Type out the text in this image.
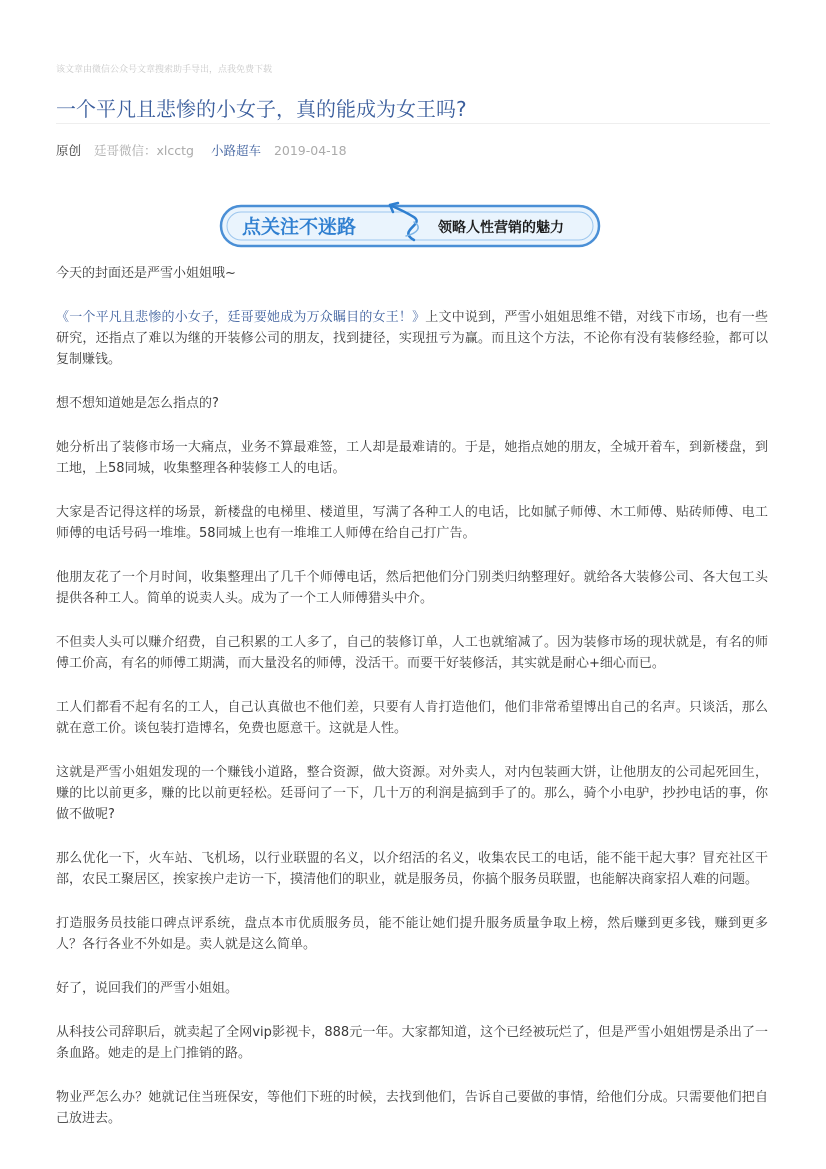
该文章由微信公众号文章搜索助手导出，点我免费下载
一个平凡且悲惨的小女子，真的能成为女王吗?
原创 廷哥微信：xlcctg 小路超车 2019-04-18
点关注不迷路	领略人性营销的魅力

今天的封面还是严雪小姐姐哦~

《一个平凡且悲惨的小女子，廷哥要她成为万众瞩目的女王！》上文中说到，严雪小姐姐思维不错，对线下市场，也有一些研究，还指点了难以为继的开装修公司的朋友，找到捷径，实现扭亏为赢。而且这个方法，不论你有没有装修经验，都可以复制赚钱。

想不想知道她是怎么指点的?

她分析出了装修市场一大痛点，业务不算最难签，工人却是最难请的。于是，她指点她的朋友，全城开着车，到新楼盘，到工地，上58同城，收集整理各种装修工人的电话。

大家是否记得这样的场景，新楼盘的电梯里、楼道里，写满了各种工人的电话，比如腻子师傅、木工师傅、贴砖师傅、电工师傅的电话号码一堆堆。58同城上也有一堆堆工人师傅在给自己打广告。

他朋友花了一个月时间，收集整理出了几千个师傅电话，然后把他们分门别类归纳整理好。就给各大装修公司、各大包工头提供各种工人。简单的说卖人头。成为了一个工人师傅猎头中介。

不但卖人头可以赚介绍费，自己积累的工人多了，自己的装修订单，人工也就缩减了。因为装修市场的现状就是，有名的师傅工价高，有名的师傅工期满，而大量没名的师傅，没活干。而要干好装修活，其实就是耐心+细心而已。

工人们都看不起有名的工人，自己认真做也不他们差，只要有人肯打造他们，他们非常希望博出自己的名声。只谈活，那么就在意工价。谈包装打造博名，免费也愿意干。这就是人性。

这就是严雪小姐姐发现的一个赚钱小道路，整合资源，做大资源。对外卖人，对内包装画大饼，让他朋友的公司起死回生，赚的比以前更多，赚的比以前更轻松。廷哥问了一下，几十万的利润是搞到手了的。那么，骑个小电驴，抄抄电话的事，你做不做呢?

那么优化一下，火车站、飞机场，以行业联盟的名义，以介绍活的名义，收集农民工的电话，能不能干起大事？冒充社区干部，农民工聚居区，挨家挨户走访一下，摸清他们的职业，就是服务员，你搞个服务员联盟，也能解决商家招人难的问题。

打造服务员技能口碑点评系统，盘点本市优质服务员，能不能让她们提升服务质量争取上榜，然后赚到更多钱，赚到更多人？各行各业不外如是。卖人就是这么简单。

好了，说回我们的严雪小姐姐。

从科技公司辞职后，就卖起了全网vip影视卡，888元一年。大家都知道，这个已经被玩烂了，但是严雪小姐姐愣是杀出了一条血路。她走的是上门推销的路。

物业严怎么办？她就记住当班保安，等他们下班的时候，去找到他们，告诉自己要做的事情，给他们分成。只需要他们把自己放进去。
